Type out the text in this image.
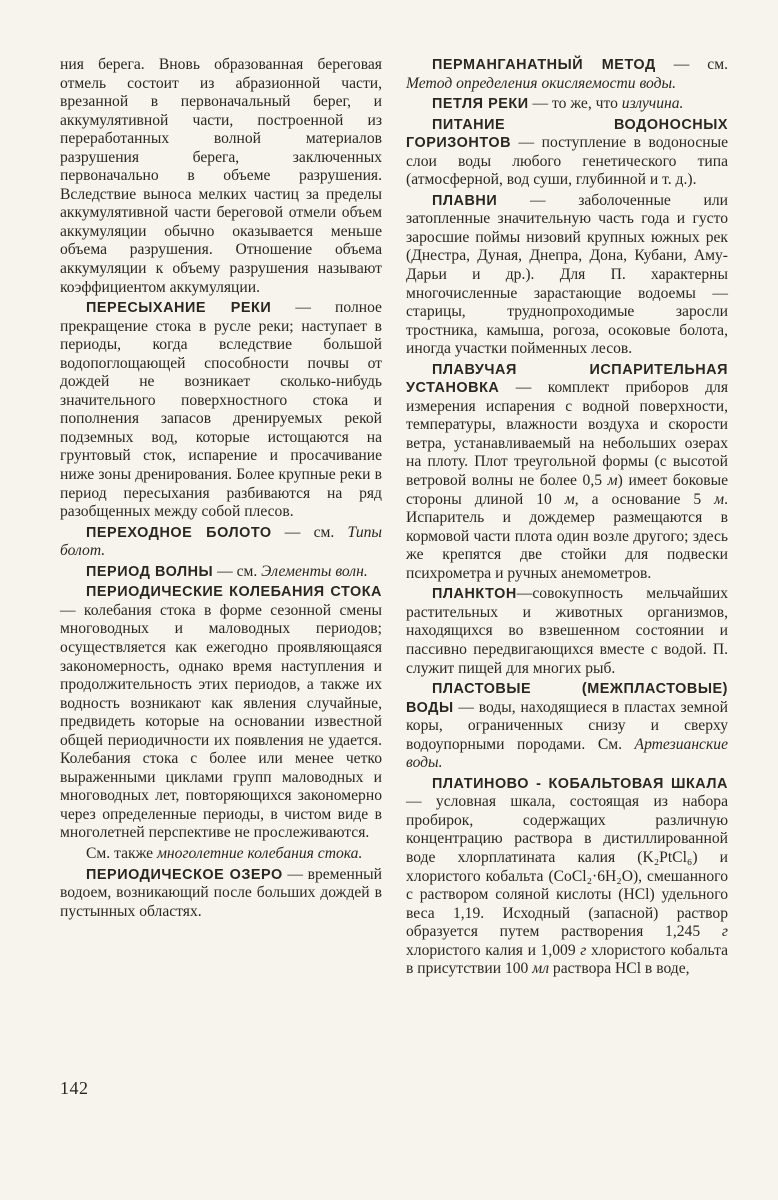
ния берега. Вновь образованная береговая отмель состоит из абразионной части, врезанной в первоначальный берег, и аккумулятивной части, построенной из переработанных волной материалов разрушения берега, заключенных первоначально в объеме разрушения. Вследствие выноса мелких частиц за пределы аккумулятивной части береговой отмели объем аккумуляции обычно оказывается меньше объема разрушения. Отношение объема аккумуляции к объему разрушения называют коэффициентом аккумуляции.

ПЕРЕСЫХАНИЕ РЕКИ — полное прекращение стока в русле реки; наступает в периоды, когда вследствие большой водопоглощающей способности почвы от дождей не возникает сколько-нибудь значительного поверхностного стока и пополнения запасов дренируемых рекой подземных вод, которые истощаются на грунтовый сток, испарение и просачивание ниже зоны дренирования. Более крупные реки в период пересыхания разбиваются на ряд разобщенных между собой плесов.

ПЕРЕХОДНОЕ БОЛОТО — см. Типы болот.

ПЕРИОД ВОЛНЫ — см. Элементы волн.

ПЕРИОДИЧЕСКИЕ КОЛЕБАНИЯ СТОКА — колебания стока в форме сезонной смены многоводных и маловодных периодов; осуществляется как ежегодно проявляющаяся закономерность, однако время наступления и продолжительность этих периодов, а также их водность возникают как явления случайные, предвидеть которые на основании известной общей периодичности их появления не удается. Колебания стока с более или менее четко выраженными циклами групп маловодных и многоводных лет, повторяющихся закономерно через определенные периоды, в чистом виде в многолетней перспективе не прослеживаются.

См. также многолетние колебания стока.

ПЕРИОДИЧЕСКОЕ ОЗЕРО — временный водоем, возникающий после больших дождей в пустынных областях.

ПЕРМАНГАНАТНЫЙ МЕТОД — см. Метод определения окисляемости воды.

ПЕТЛЯ РЕКИ — то же, что излучина.

ПИТАНИЕ ВОДОНОСНЫХ ГОРИЗОНТОВ — поступление в водоносные слои воды любого генетического типа (атмосферной, вод суши, глубинной и т. д.).

ПЛАВНИ — заболоченные или затопленные значительную часть года и густо заросшие поймы низовий крупных южных рек (Днестра, Дуная, Днепра, Дона, Кубани, Аму-Дарьи и др.). Для П. характерны многочисленные зарастающие водоемы — старицы, труднопроходимые заросли тростника, камыша, рогоза, осоковые болота, иногда участки пойменных лесов.

ПЛАВУЧАЯ ИСПАРИТЕЛЬНАЯ УСТАНОВКА — комплект приборов для измерения испарения с водной поверхности, температуры, влажности воздуха и скорости ветра, устанавливаемый на небольших озерах на плоту. Плот треугольной формы (с высотой ветровой волны не более 0,5 м) имеет боковые стороны длиной 10 м, а основание 5 м. Испаритель и дождемер размещаются в кормовой части плота один возле другого; здесь же крепятся две стойки для подвески психрометра и ручных анемометров.

ПЛАНКТОН—совокупность мельчайших растительных и животных организмов, находящихся во взвешенном состоянии и пассивно передвигающихся вместе с водой. П. служит пищей для многих рыб.

ПЛАСТОВЫЕ (МЕЖПЛАСТОВЫЕ) ВОДЫ — воды, находящиеся в пластах земной коры, ограниченных снизу и сверху водоупорными породами. См. Артезианские воды.

ПЛАТИНОВО - КОБАЛЬТОВАЯ ШКАЛА — условная шкала, состоящая из набора пробирок, содержащих различную концентрацию раствора в дистиллированной воде хлорплатината калия (K₂PtCl₆) и хлористого кобальта (CoCl₂·6H₂O), смешанного с раствором соляной кислоты (HCl) удельного веса 1,19. Исходный (запасной) раствор образуется путем растворения 1,245 г хлористого калия и 1,009 г хлористого кобальта в присутствии 100 мл раствора HCl в воде,

142
